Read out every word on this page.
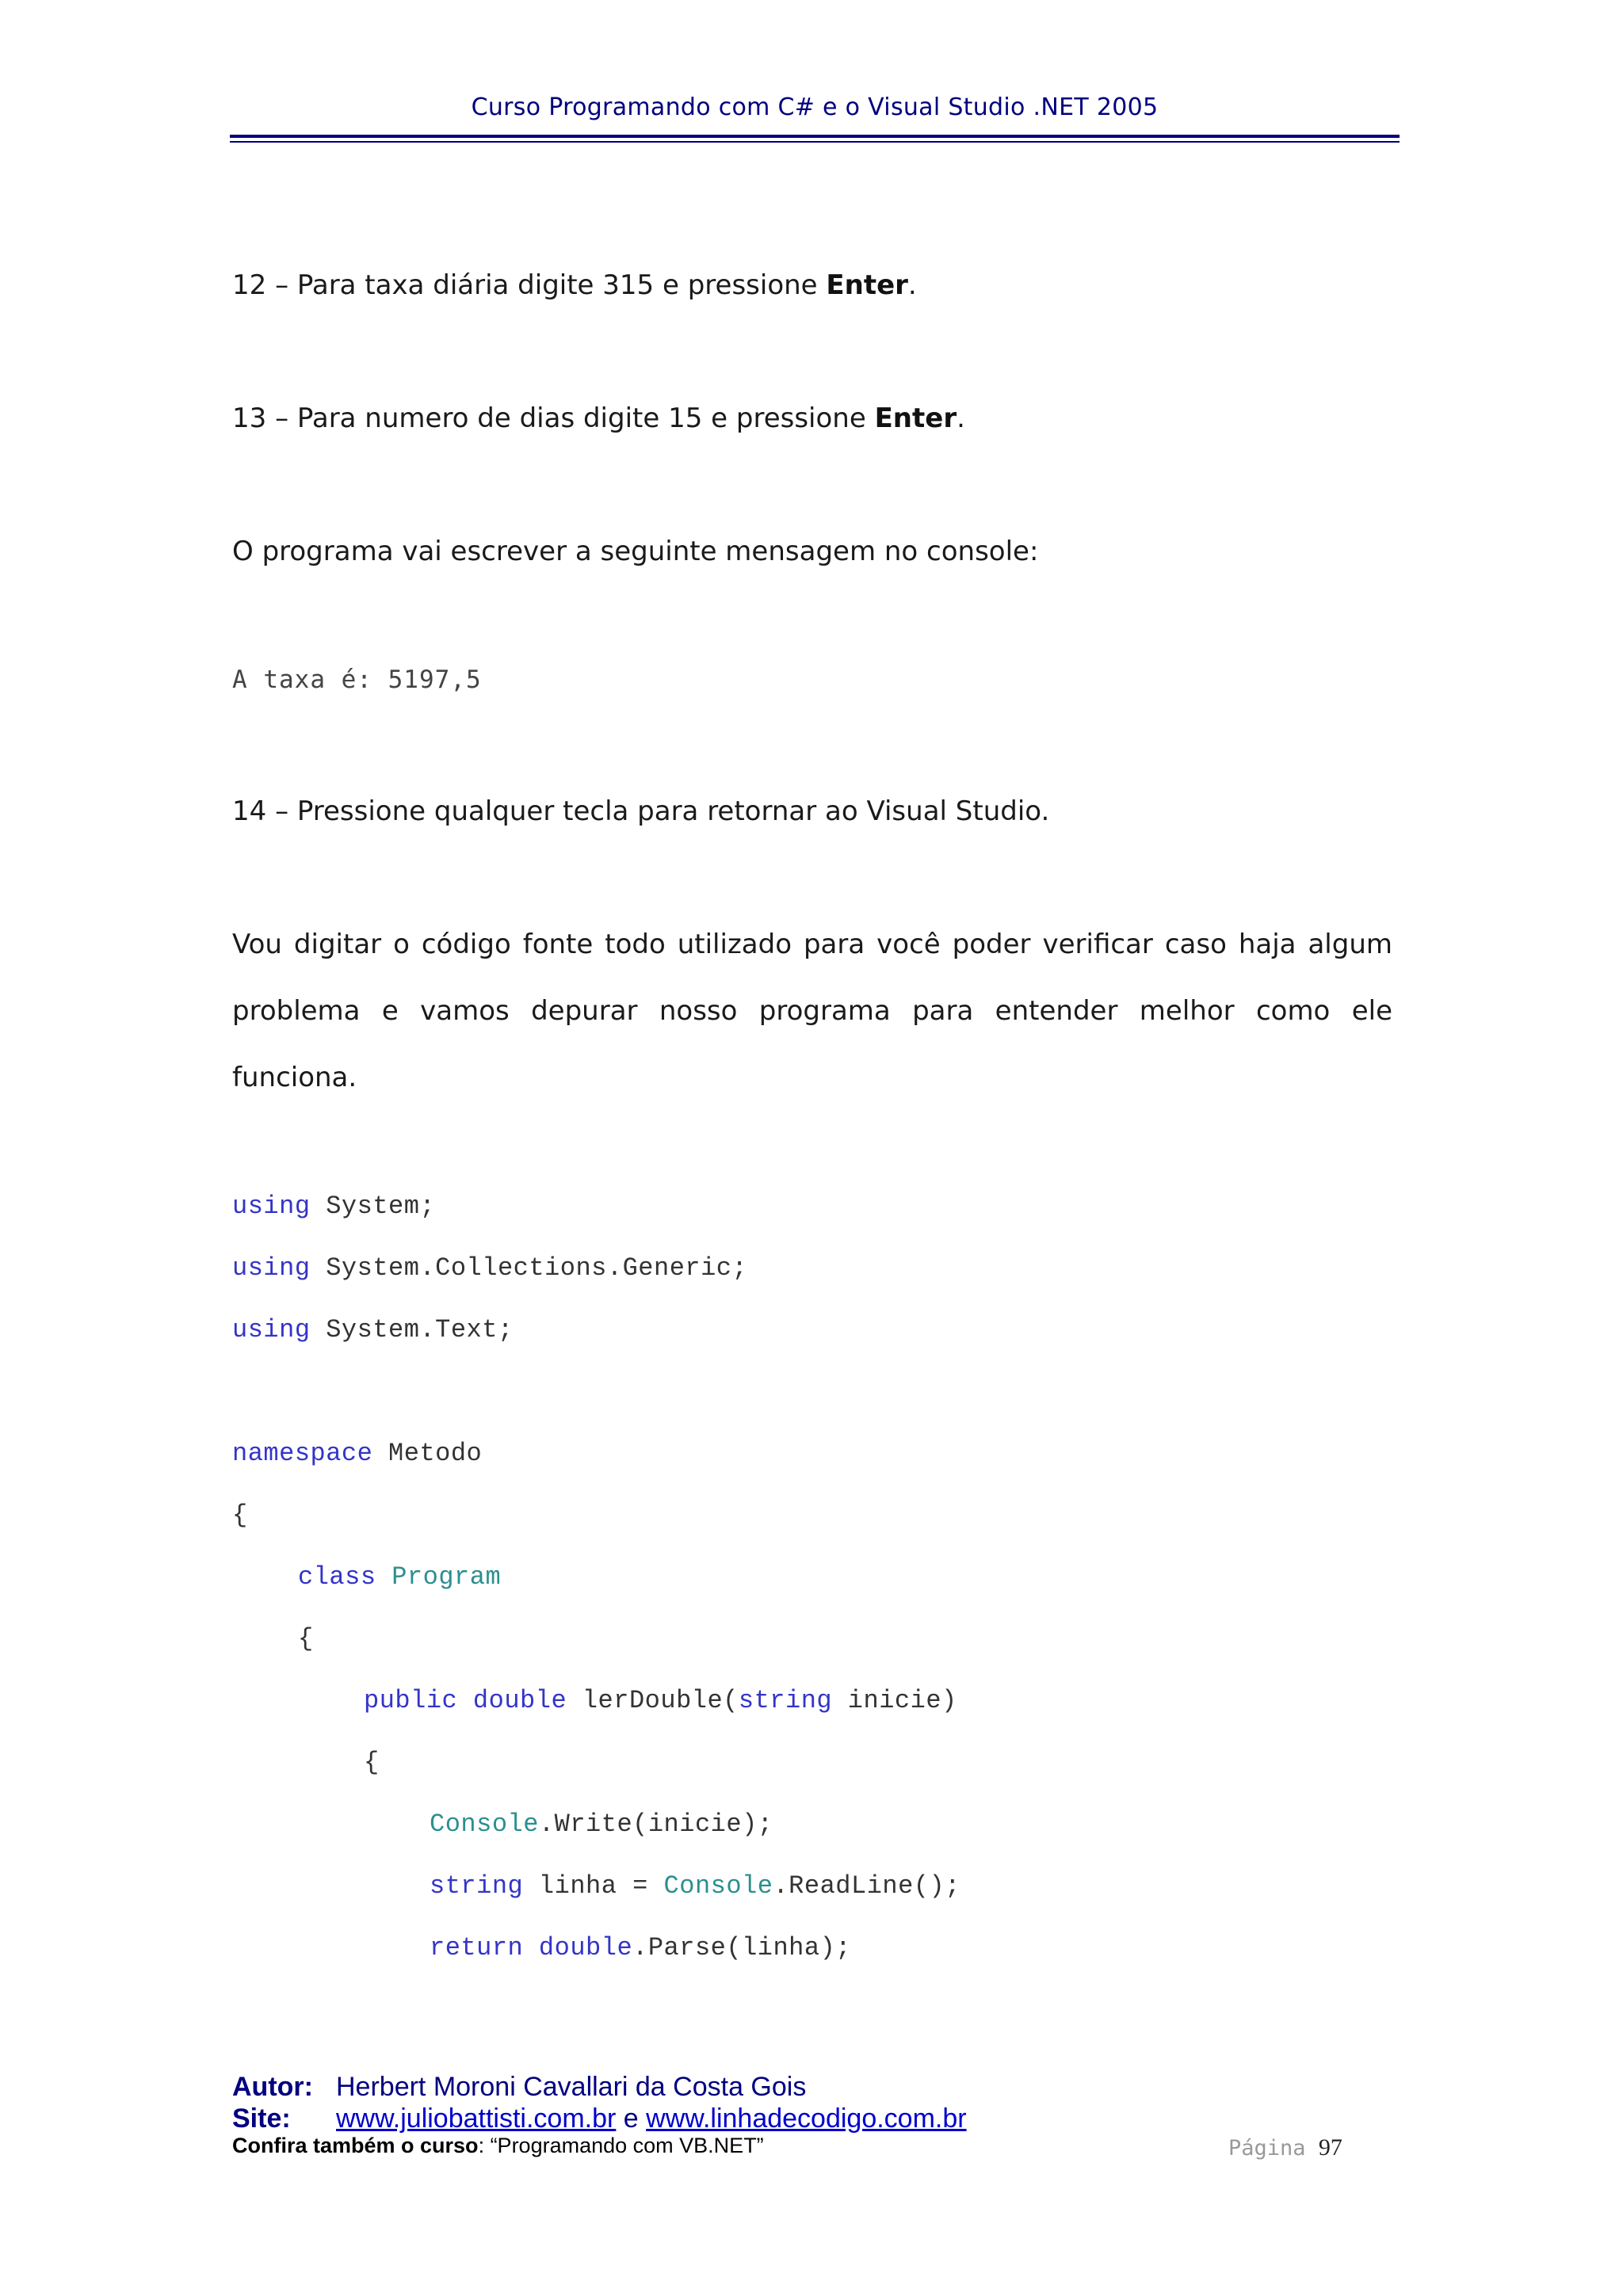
Curso Programando com C# e o Visual Studio .NET 2005

12 – Para taxa diária digite 315 e pressione Enter.

13 – Para numero de dias digite 15 e pressione Enter.

O programa vai escrever a seguinte mensagem no console:

A taxa é: 5197,5

14 – Pressione qualquer tecla para retornar ao Visual Studio.

Vou digitar o código fonte todo utilizado para você poder verificar caso haja algum problema e vamos depurar nosso programa para entender melhor como ele funciona.

using System;
using System.Collections.Generic;
using System.Text;
namespace Metodo
{
class Program
{
public double lerDouble(string inicie)
{
Console.Write(inicie);
string linha = Console.ReadLine();
return double.Parse(linha);
Autor: Herbert Moroni Cavallari da Costa Gois
Site: www.juliobattisti.com.br e www.linhadecodigo.com.br
Confira também o curso: “Programando com VB.NET”	Página 97
